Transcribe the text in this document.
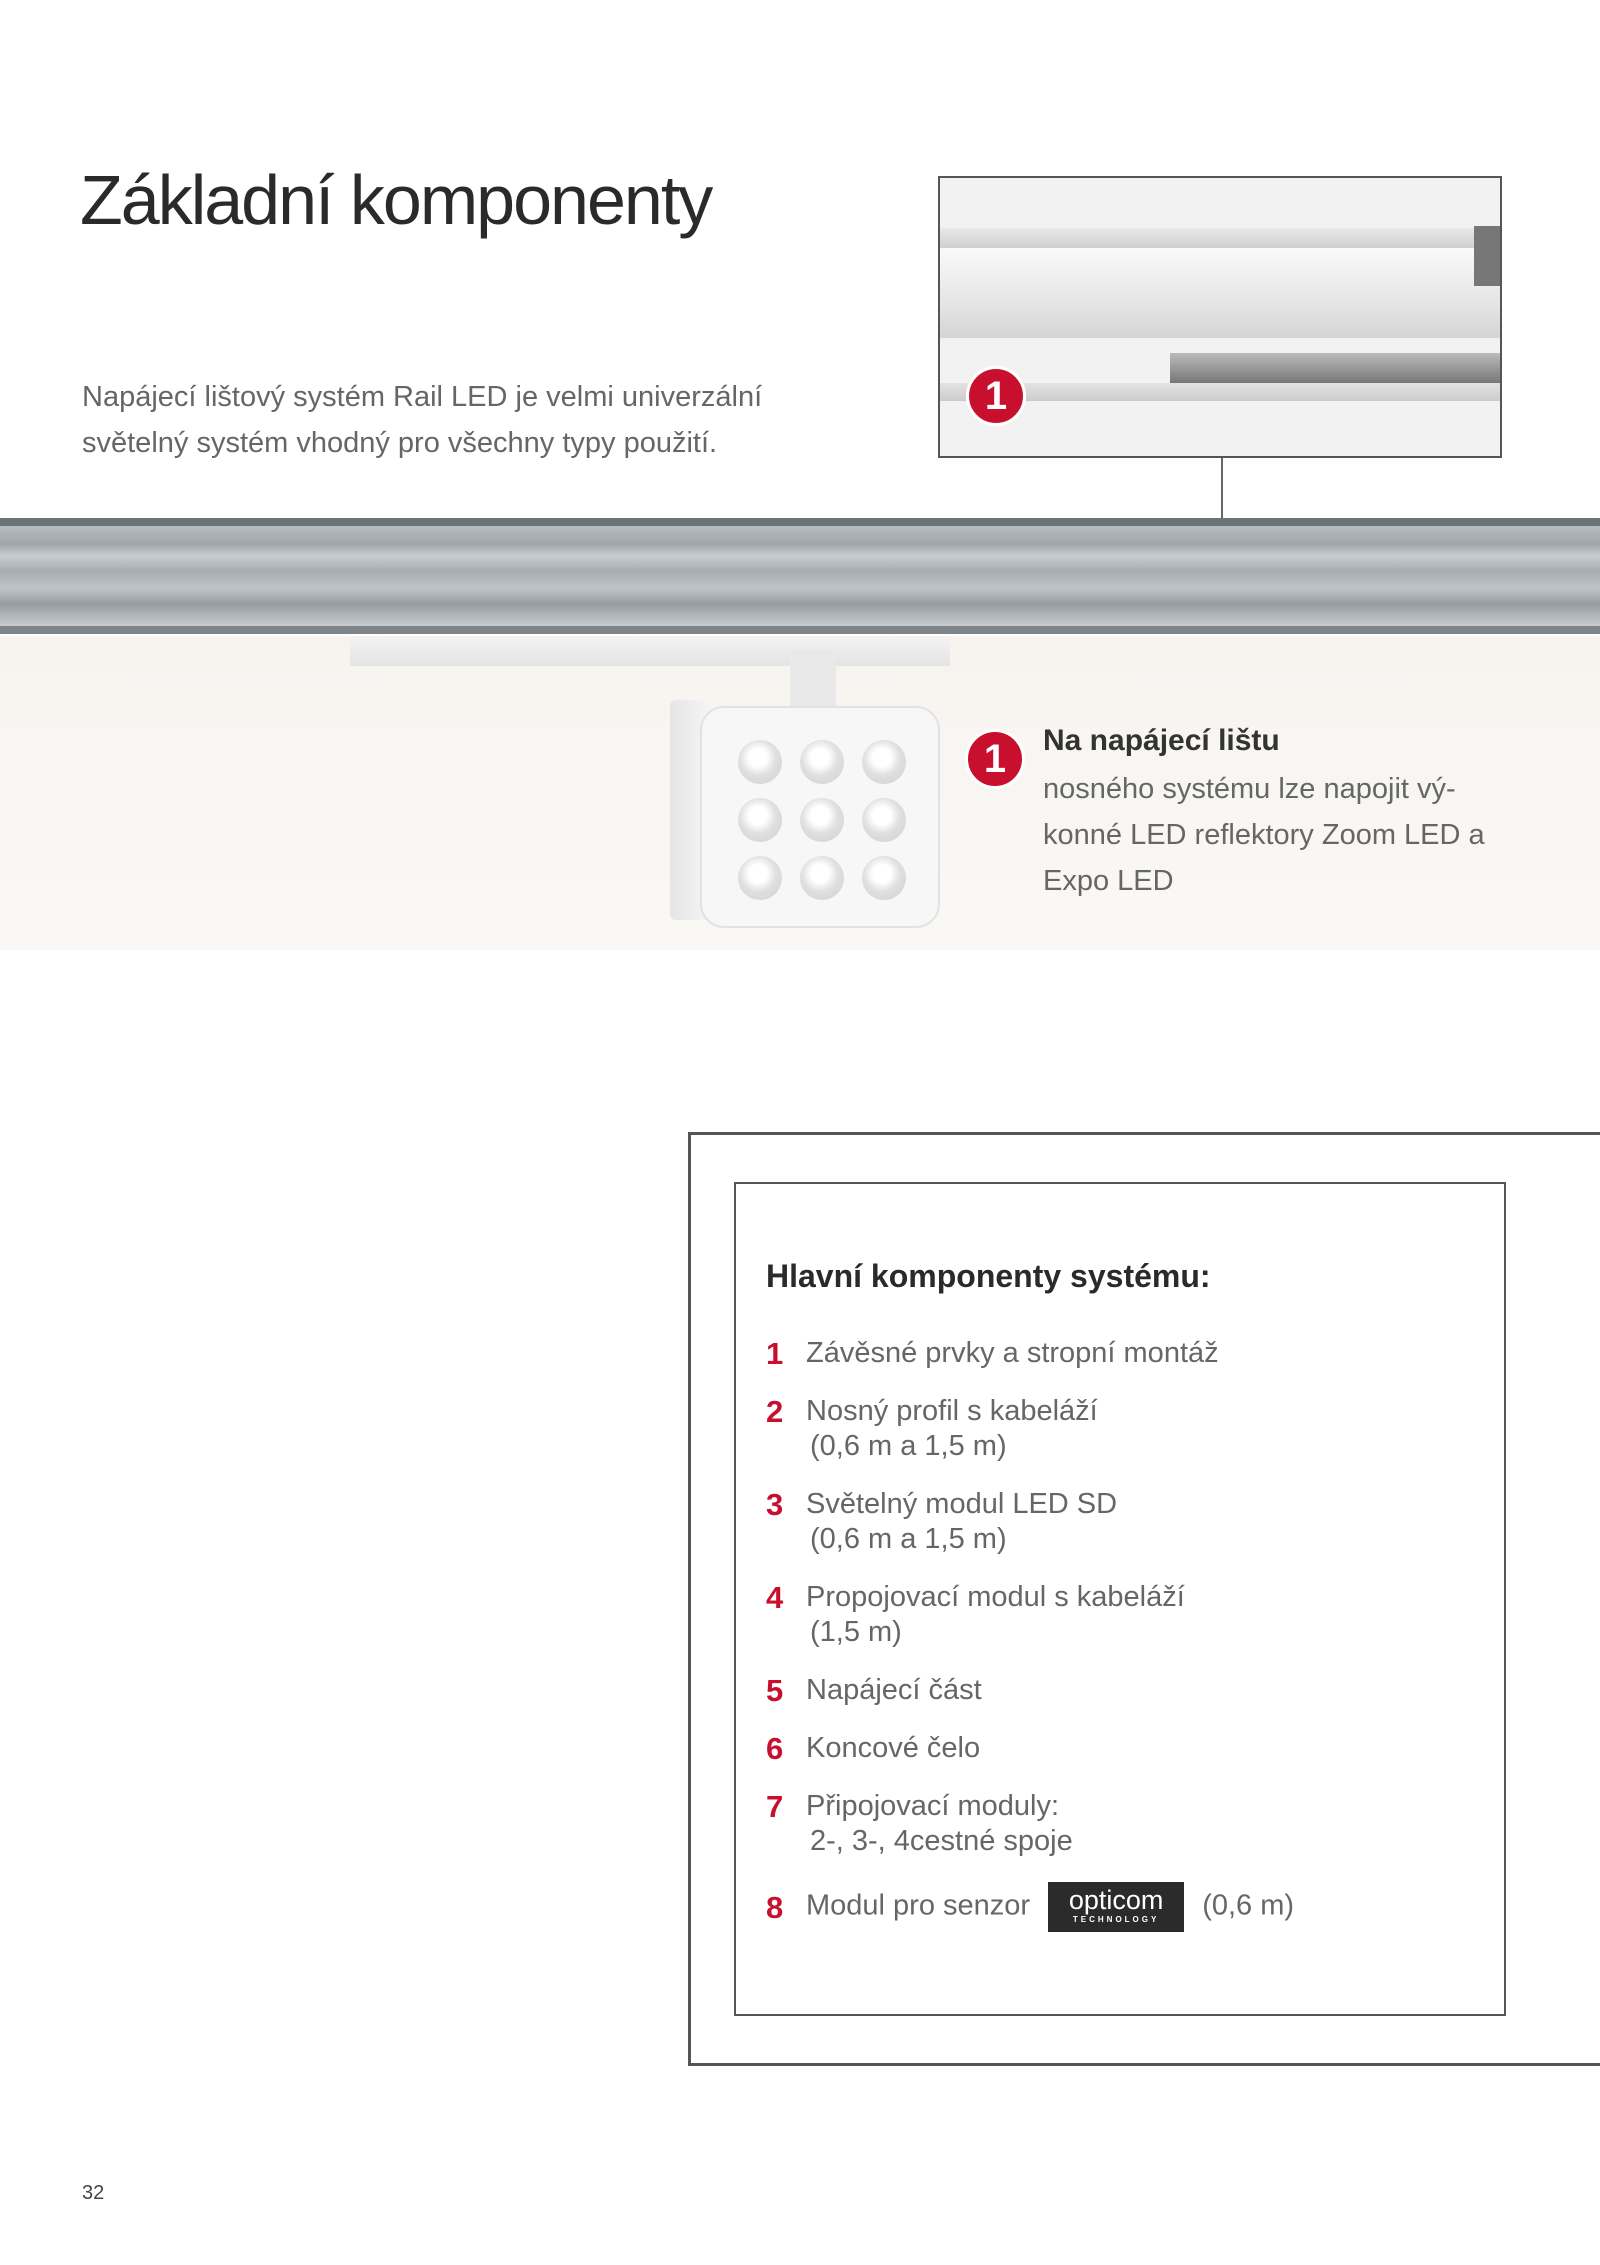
Základní komponenty
Napájecí lištový systém Rail LED je velmi univerzální světelný systém vhodný pro všechny typy použití.
1
1	Na napájecí lištu
nosného systému lze napojit vý-konné LED reflektory Zoom LED a Expo LED
Hlavní komponenty systému:
1 Závěsné prvky a stropní montáž
2 Nosný profil s kabeláží
(0,6 m a 1,5 m)
3 Světelný modul LED SD
(0,6 m a 1,5 m)
4 Propojovací modul s kabeláží
(1,5 m)
5 Napájecí část
6 Koncové čelo
7 Připojovací moduly:
2-, 3-, 4cestné spoje
8 Modul pro senzor	opticom
TECHNOLOGY	(0,6 m)
32
